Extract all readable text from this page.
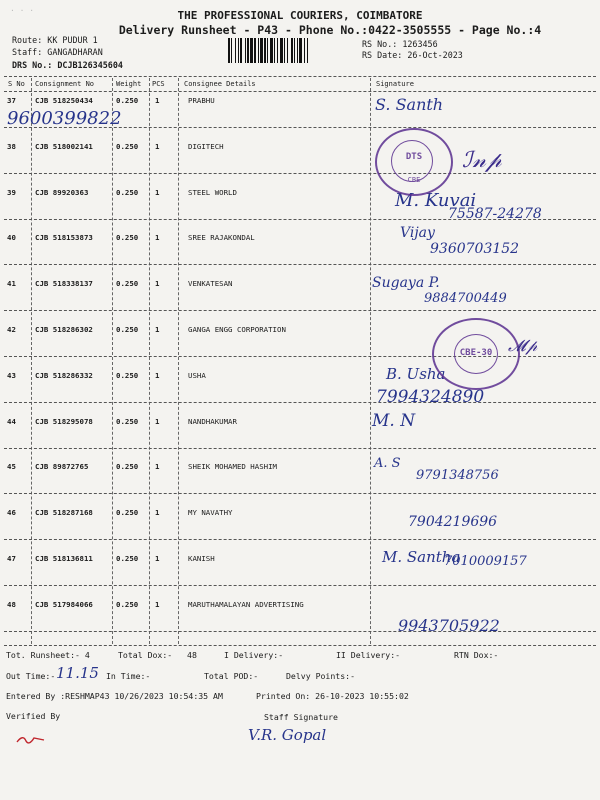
· · ·	THE PROFESSIONAL COURIERS, COIMBATORE
Delivery Runsheet - P43 - Phone No.:0422-3505555 - Page No.:4
Route: KK PUDUR 1
Staff: GANGADHARAN
DRS No.: DCJB126345604
RS No.: 1263456
RS Date: 26-Oct-2023
S No Consignment No	Weight PCS	Consignee Details	Signature
37	CJB 518250434	0.250 1	PRABHU	S. Santh
9600399822
38	CJB 518002141	0.250 1	DIGITECH
39	CJB 89920363	0.250 1	STEEL WORLD	M. Kuvai
75587-24278
40	CJB 518153873	0.250 1	SREE RAJAKONDAL	Vijay
9360703152
41	CJB 518338137	0.250 1	VENKATESAN	Sugaya P.
9884700449
42	CJB 518286302	0.250 1	GANGA ENGG CORPORATION
43	CJB 518286332	0.250 1	USHA	B. Usha
7994324890
44	CJB 518295078	0.250 1	NANDHAKUMAR	M. N
45	CJB 89872765	0.250 1	SHEIK MOHAMED HASHIM	A. S
9791348756
46	CJB 518287168	0.250 1	MY NAVATHY
7904219696
47	CJB 518136811	0.250 1	KANISH	M. Santha
7010009157
48	CJB 517984066	0.250 1	MARUTHAMALAYAN ADVERTISING
9943705922
DTS
CBE
CBE-30
ℐ𝓃𝓅
𝓜𝓅
Tot. Runsheet:- 4	Total Dox:-   48	I Delivery:-	II Delivery:-	RTN Dox:-
Out Time:- 11.15 In Time:-	Total POD:-	Delvy Points:-
Entered By :RESHMAP43 10/26/2023 10:54:35 AM	Printed On: 26-10-2023 10:55:02
Verified By	Staff Signature
V.R. Gopal
